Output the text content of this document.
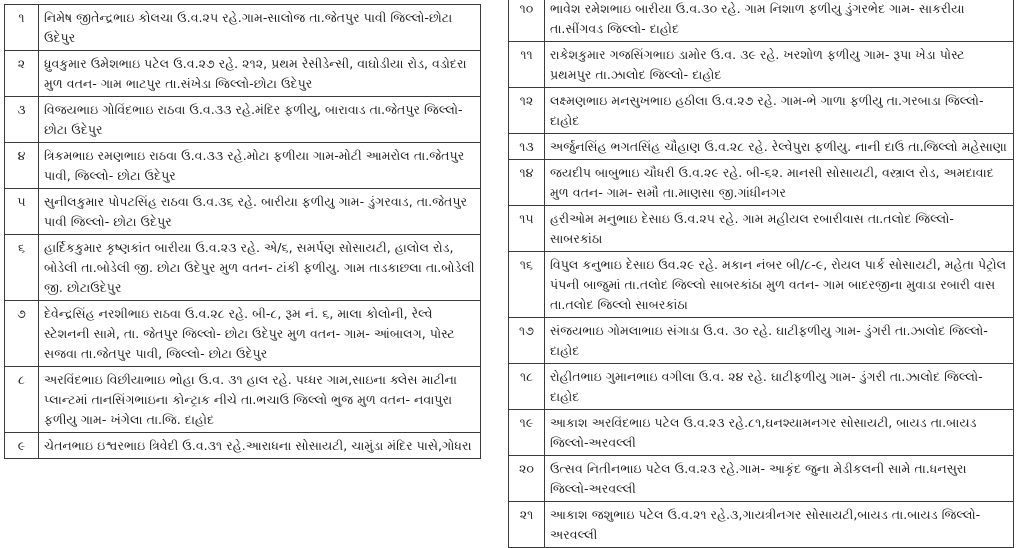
૧	નિમેષ જીતેન્દ્રભાઇ કોલચા ઉ.વ.૨૫ રહે.ગામ-સાલોજ તા.જેતપુર પાવી જિલ્લો-છોટા ઉદેપુર
૨	ધ્રુવકુમાર ઉમેશભાઇ પટેલ ઉ.વ.૨૭ રહે. ૨૧૨, પ્રથમ રેસીડેન્સી, વાઘોડીયા રોડ, વડોદરા મુળ વતન- ગામ ભાટપુર તા.સંખેડા જિલ્લો-છોટા ઉદેપુર
૩	વિજયભાઇ ગોવિંદભાઇ રાઠવા ઉ.વ.૩૩ રહે.મંદિર ફળીયુ, બારાવાડ તા.જેતપુર જિલ્લો-છોટા ઉદેપુર
૪	ત્રિકમભાઇ રમણભાઇ રાઠવા ઉ.વ.૩૩ રહે.મોટા ફળીયા ગામ-મોટી આમરોલ તા.જેતપુર પાવી, જિલ્લો- છોટા ઉદેપુર
૫	સુનીલકુમાર પોપટસિંહ રાઠવા ઉ.વ.૩૬ રહે. બારીયા ફળીયુ ગામ- ડુંગરવાડ, તા.જેતપુર પાવી જિલ્લો- છોટા ઉદેપુર
૬	હાર્દિકકુમાર કૃષ્ણકાંત બારીયા ઉ.વ.૨૩ રહે. એ/૬, સમર્પણ સોસાયટી, હાલોલ રોડ, બોડેલી તા.બોડેલી જી. છોટા ઉદેપુર મુળ વતન- ટાંકી ફળીયુ. ગામ તાડકાછલા તા.બોડેલી જી. છોટાઉદેપુર
૭	દેવેન્દ્રસિંહ નરશીભાઇ રાઠવા ઉ.વ.૨૮ રહે. બી-૮, રૂમ નં. ૬, માલા કોલોની, રેલ્વે સ્ટેશનની સામે, તા. જેતપુર જિલ્લો- છોટા ઉદેપુર મુળ વતન- ગામ- આંબાલગ, પોસ્ટ સજવા તા.જેતપુર પાવી, જિલ્લો- છોટા ઉદેપુર
૮	અરવિંદભાઇ વિછીયાભાઇ ભોહા ઉ.વ. ૩૧ હાલ રહે. પધ્ધર ગામ,સાઇના ક્લેસ માટીના પ્લાન્ટમાં તાનસિંગભાઇના કોન્ટ્રાક નીચે તા.ભચાઉ જિલ્લો ભુજ મુળ વતન- નવાપુરા ફળીયુ ગામ- ખંગેલા તા.જિ. દાહોદ
૯	ચેતનભાઇ ઇશ્વરભાઇ ત્રિવેદી ઉ.વ.૩૧ રહે.આરાધના સોસાયટી, ચામુંડા મંદિર પાસે,ગોધરા
૧૦	ભાવેશ રમેશભાઇ બારીયા ઉ.વ.૩૦ રહે. ગામ નિશાળ ફળીયુ ડુંગરભેદ ગામ- સાકરીયા તા.સીંગવડ જિલ્લો- દાહોદ
૧૧	રાકેશકુમાર ગજસિંગભાઇ ડામોર ઉ.વ. ૩૯ રહે. ખરશોળ ફળીયુ ગામ- રૂપા ખેડા પોસ્ટ પ્રથમપુર તા.ઝાલોદ જિલ્લો- દાહોદ
૧૨	લક્ષ્મણભાઇ મનસુખભાઇ હઠીલા ઉ.વ.૨૭ રહે. ગામ-ભે ગાળા ફળીયુ તા.ગરબાડા જિલ્લો- દાહોદ
૧૩	અર્જુનસિંહ ભગતસિંહ ચૌહાણ ઉ.વ.૨૮ રહે. રેલ્વેપુરા ફળીયુ. નાની દાઉ તા.જિલ્લો મહેસાણા
૧૪	જયદીપ બાબુભાઇ ચૌધરી ઉ.વ.૨૯ રહે. બી-૬૨. માનસી સોસાયટી, વસ્ત્રાલ રોડ, અમદાવાદ મુળ વતન- ગામ- સમૌ તા.માણસા જી.ગાંધીનગર
૧૫	હરીઓમ મનુભાઇ દેસાઇ ઉ.વ.૨૫ રહે. ગામ મહીયલ રબારીવાસ તા.તલોદ જિલ્લો- સાબરકાંઠા
૧૬	વિપુલ કનુભાઇ દેસાઇ ઉવ.૨૯ રહે. મકાન નંબર બી/૮-૯, રોયલ પાર્ક સોસાયટી, મહેતા પેટ્રોલ પંપની બાજુમાં તા.તલોદ જિલ્લો સાબરકાંઠા મુળ વતન- ગામ બાદરજીના મુવાડા રબારી વાસ તા.તલોદ જિલ્લો સાબરકાંઠા
૧૭	સંજયભાઇ ગોમલાભાઇ સંગાડા ઉ.વ. ૩૦ રહે. ઘાટીફળીયુ ગામ- ડુંગરી તા.ઝાલોદ જિલ્લો- દાહોદ
૧૮	રોહીતભાઇ ગુમાનભાઇ વગીલા ઉ.વ. ૨૪ રહે. ઘાટીફળીયુ ગામ- ડુંગરી તા.ઝાલોદ જિલ્લો- દાહોદ
૧૯	આકાશ અરવિંદભાઇ પટેલ ઉ.વ.૨૩ રહે.૮૧,ઘનશ્યામનગર સોસાયટી, બાયડ તા.બાયડ જિલ્લો-અરવલ્લી
૨૦	ઉત્સવ નિતીનભાઇ પટેલ ઉ.વ.૨૩ રહે.ગામ- આકૃંદ જુના મેડીકલની સામે તા.ધનસુરા જિલ્લો-અરવલ્લી
૨૧	આકાશ જશુભાઇ પટેલ ઉ.વ.૨૧ રહે.૩,ગાયત્રીનગર સોસાયટી,બાયડ તા.બાયડ જિલ્લો- અરવલ્લી
